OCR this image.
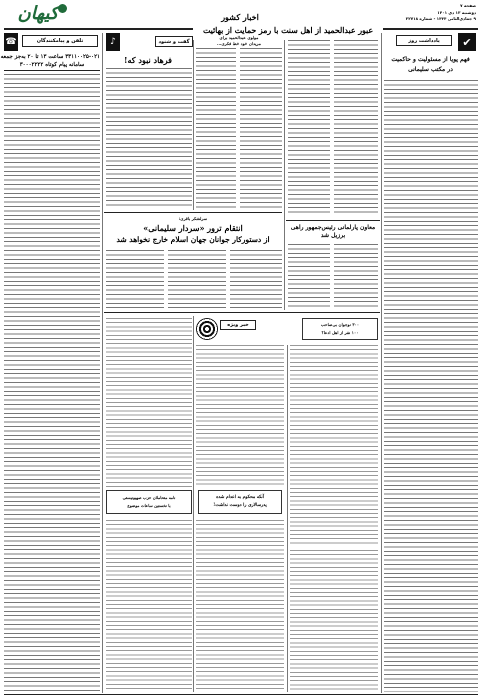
صفحه ۷
دوشنبه ۱۳ دی ۱۴۰۱
۹ جمادی‌الثانی ۱۴۴۴ - شماره ۲۲۷۱۸
اخبار کشور
کیهان
☎	تلفن و پیامکنندگان
۳۳۱۱۰۰۲۵-۰۲۱ ساعت ۱۳ تا ۲۰ به‌جز جمعه
سامانه پیام کوتاه ۳۰۰۰۲۲۲۲
♪	گفت و شنود
فرهاد نبود که!
مولوی عبدالحمید برای
مریدان خود خط فکری...
سرلشکر باقری:
انتقام ترور «سردار سلیمانی»
از دستورکار جوانان جهان اسلام خارج نخواهد شد
عبور عبدالحمید از اهل سنت با رمز حمایت از بهائیت
معاون پارلمانی رئیس‌جمهور راهی برزیل شد
یادداشت روز	✔
فهم پویا از مسئولیت و حاکمیت
در مکتب سلیمانی
خبر ویژه	۳۰۰ نوجوان بی‌صاحب
۱۰۰ نفر از اهل ادعا؟
آنکه محکوم به اعدام شده
پدرسالاری را دوست نداشت!
نامه متحاملان حزب صهیونیستی
با نخستین ساعات موضوع
